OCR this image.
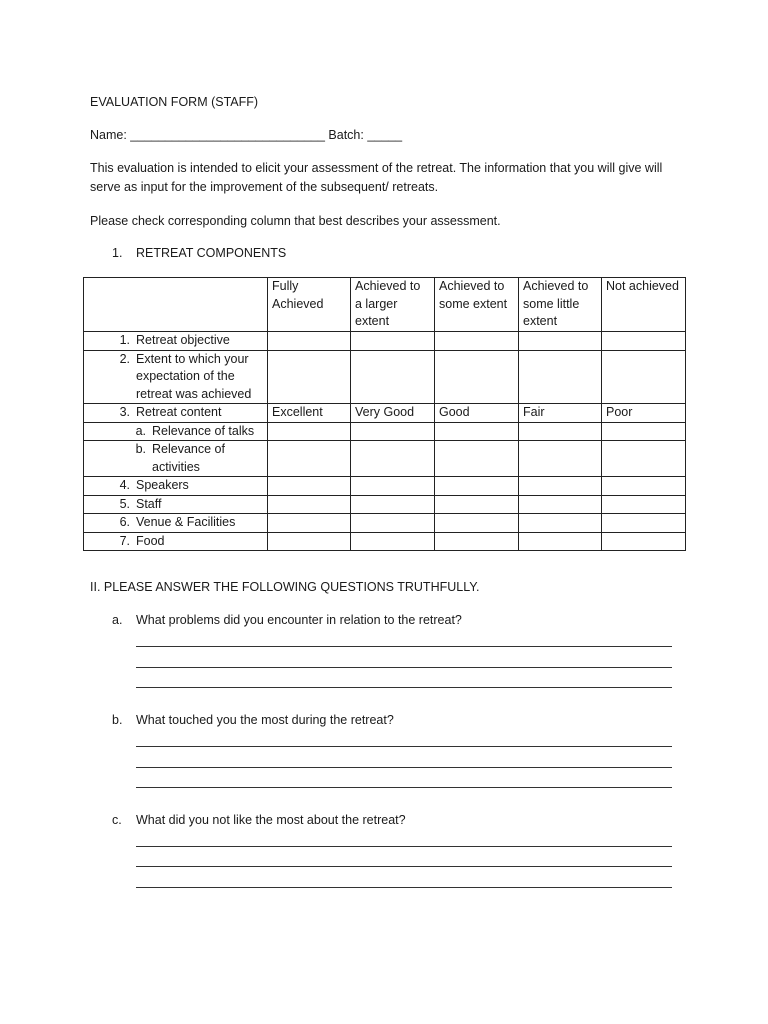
EVALUATION FORM (STAFF)
Name: ____________________________ Batch: _____
This evaluation is intended to elicit your assessment of the retreat. The information that you will give will serve as input for the improvement of the subsequent/ retreats.
Please check corresponding column that best describes your assessment.
1. RETREAT COMPONENTS
	Fully Achieved	Achieved to a larger extent	Achieved to some extent	Achieved to some little extent	Not achieved

1. Retreat objective					

2. Extent to which your expectation of the retreat was achieved					

3. Retreat content	Excellent	Very Good	Good	Fair	Poor

a. Relevance of talks					

b. Relevance of activities					

4. Speakers					

5. Staff					

6. Venue & Facilities					

7. Food					

II. PLEASE ANSWER THE FOLLOWING QUESTIONS TRUTHFULLY.
a. What problems did you encounter in relation to the retreat?
b. What touched you the most during the retreat?
c. What did you not like the most about the retreat?
